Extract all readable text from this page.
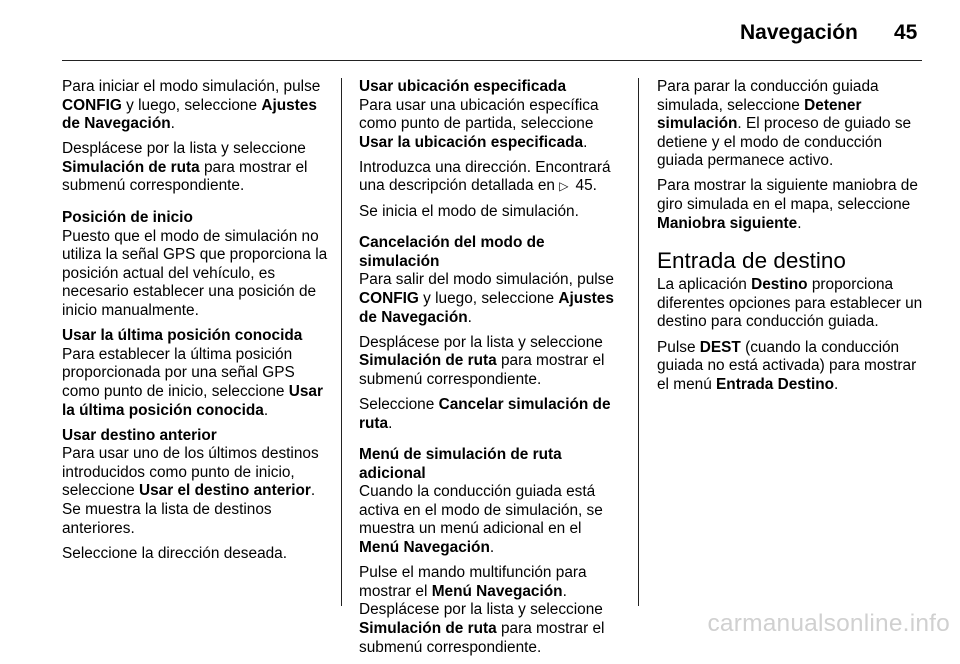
Navegación 45

Para iniciar el modo simulación, pulse CONFIG y luego, seleccione Ajustes de Navegación.

Desplácese por la lista y seleccione Simulación de ruta para mostrar el submenú correspondiente.

Posición de inicio

Puesto que el modo de simulación no utiliza la señal GPS que proporciona la posición actual del vehículo, es necesario establecer una posición de inicio manualmente.

Usar la última posición conocida

Para establecer la última posición proporcionada por una señal GPS como punto de inicio, seleccione Usar la última posición conocida.

Usar destino anterior

Para usar uno de los últimos destinos introducidos como punto de inicio, seleccione Usar el destino anterior. Se muestra la lista de destinos anteriores.

Seleccione la dirección deseada.

Usar ubicación especificada

Para usar una ubicación específica como punto de partida, seleccione Usar la ubicación especificada.

Introduzca una dirección. Encontrará una descripción detallada en ▷ 45.

Se inicia el modo de simulación.

Cancelación del modo de simulación

Para salir del modo simulación, pulse CONFIG y luego, seleccione Ajustes de Navegación.

Desplácese por la lista y seleccione Simulación de ruta para mostrar el submenú correspondiente.

Seleccione Cancelar simulación de ruta.

Menú de simulación de ruta adicional

Cuando la conducción guiada está activa en el modo de simulación, se muestra un menú adicional en el Menú Navegación.

Pulse el mando multifunción para mostrar el Menú Navegación. Desplácese por la lista y seleccione Simulación de ruta para mostrar el submenú correspondiente.

Para parar la conducción guiada simulada, seleccione Detener simulación. El proceso de guiado se detiene y el modo de conducción guiada permanece activo.

Para mostrar la siguiente maniobra de giro simulada en el mapa, seleccione Maniobra siguiente.

Entrada de destino

La aplicación Destino proporciona diferentes opciones para establecer un destino para conducción guiada.

Pulse DEST (cuando la conducción guiada no está activada) para mostrar el menú Entrada Destino.

carmanualsonline.info
